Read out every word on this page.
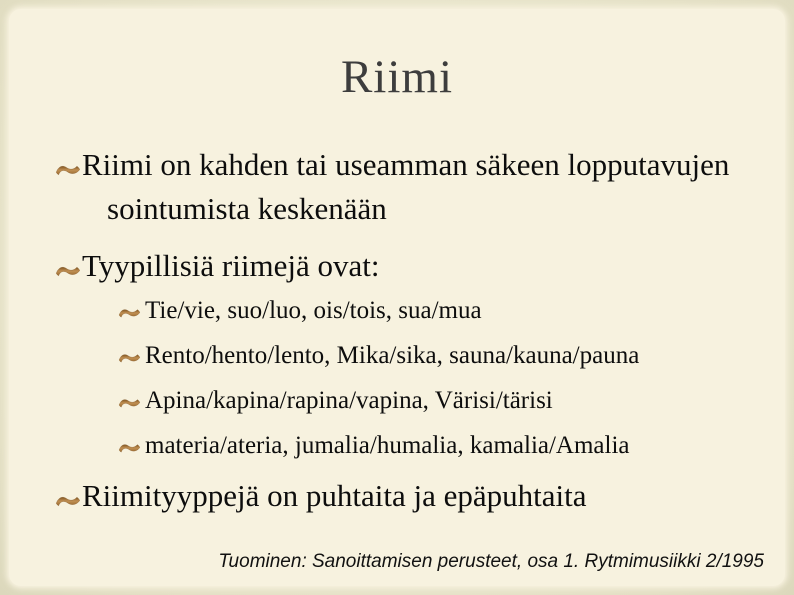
Riimi
Riimi on kahden tai useamman säkeen lopputavujen sointumista keskenään
Tyypillisiä riimejä ovat:
Tie/vie, suo/luo, ois/tois, sua/mua
Rento/hento/lento, Mika/sika, sauna/kauna/pauna
Apina/kapina/rapina/vapina, Värisi/tärisi
materia/ateria, jumalia/humalia, kamalia/Amalia
Riimityyppejä on puhtaita ja epäpuhtaita
Tuominen: Sanoittamisen perusteet, osa 1. Rytmimusiikki 2/1995
